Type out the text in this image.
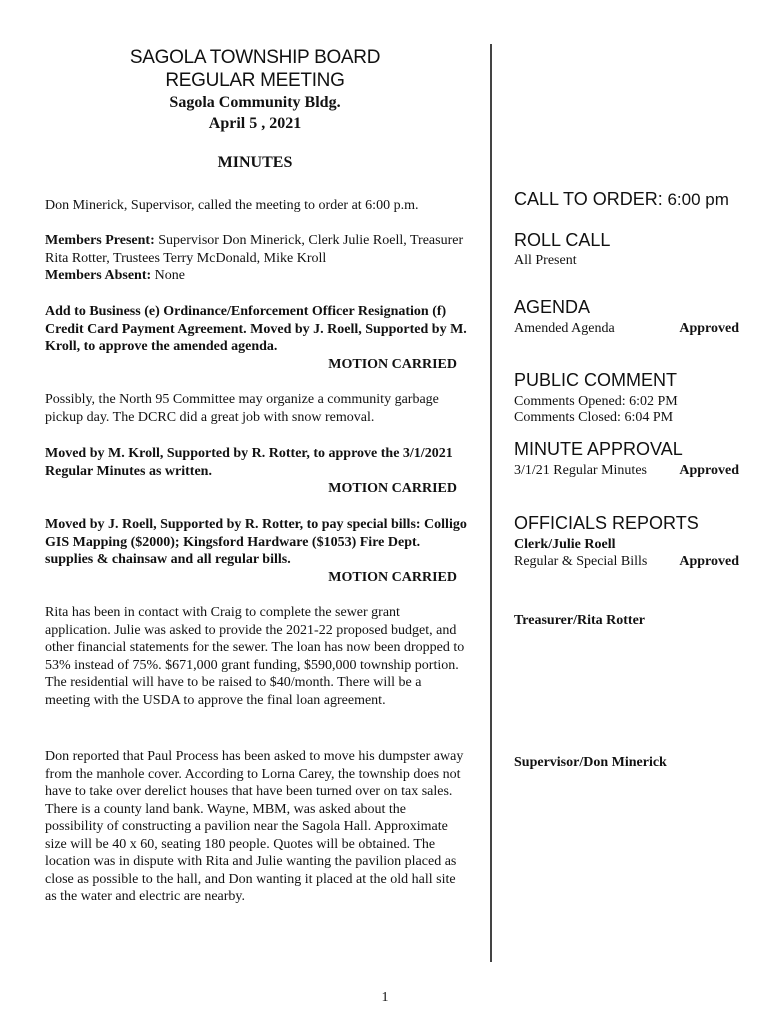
SAGOLA TOWNSHIP BOARD
REGULAR MEETING
Sagola Community Bldg.
April 5 , 2021
MINUTES

Don Minerick, Supervisor, called the meeting to order at 6:00 p.m.

Members Present: Supervisor Don Minerick, Clerk Julie Roell, Treasurer Rita Rotter, Trustees Terry McDonald, Mike Kroll

Members Absent: None

Add to Business (e) Ordinance/Enforcement Officer Resignation (f) Credit Card Payment Agreement. Moved by J. Roell, Supported by M. Kroll, to approve the amended agenda.

MOTION CARRIED

Possibly, the North 95 Committee may organize a community garbage pickup day. The DCRC did a great job with snow removal.

Moved by M. Kroll, Supported by R. Rotter, to approve the 3/1/2021 Regular Minutes as written.

MOTION CARRIED

Moved by J. Roell, Supported by R. Rotter, to pay special bills: Colligo GIS Mapping ($2000); Kingsford Hardware ($1053) Fire Dept. supplies & chainsaw and all regular bills.

MOTION CARRIED

Rita has been in contact with Craig to complete the sewer grant application. Julie was asked to provide the 2021-22 proposed budget, and other financial statements for the sewer. The loan has now been dropped to 53% instead of 75%. $671,000 grant funding, $590,000 township portion. The residential will have to be raised to $40/month. There will be a meeting with the USDA to approve the final loan agreement.

Don reported that Paul Process has been asked to move his dumpster away from the manhole cover. According to Lorna Carey, the township does not have to take over derelict houses that have been turned over on tax sales. There is a county land bank. Wayne, MBM, was asked about the possibility of constructing a pavilion near the Sagola Hall. Approximate size will be 40 x 60, seating 180 people. Quotes will be obtained. The location was in dispute with Rita and Julie wanting the pavilion placed as close as possible to the hall, and Don wanting it placed at the old hall site as the water and electric are nearby.

CALL TO ORDER: 6:00 pm
ROLL CALL
All Present
AGENDA
Amended Agenda	Approved
PUBLIC COMMENT
Comments Opened: 6:02 PM
Comments Closed: 6:04 PM
MINUTE APPROVAL
3/1/21 Regular Minutes Approved
OFFICIALS REPORTS
Clerk/Julie Roell
Regular & Special Bills Approved
Treasurer/Rita Rotter
Supervisor/Don Minerick
1
